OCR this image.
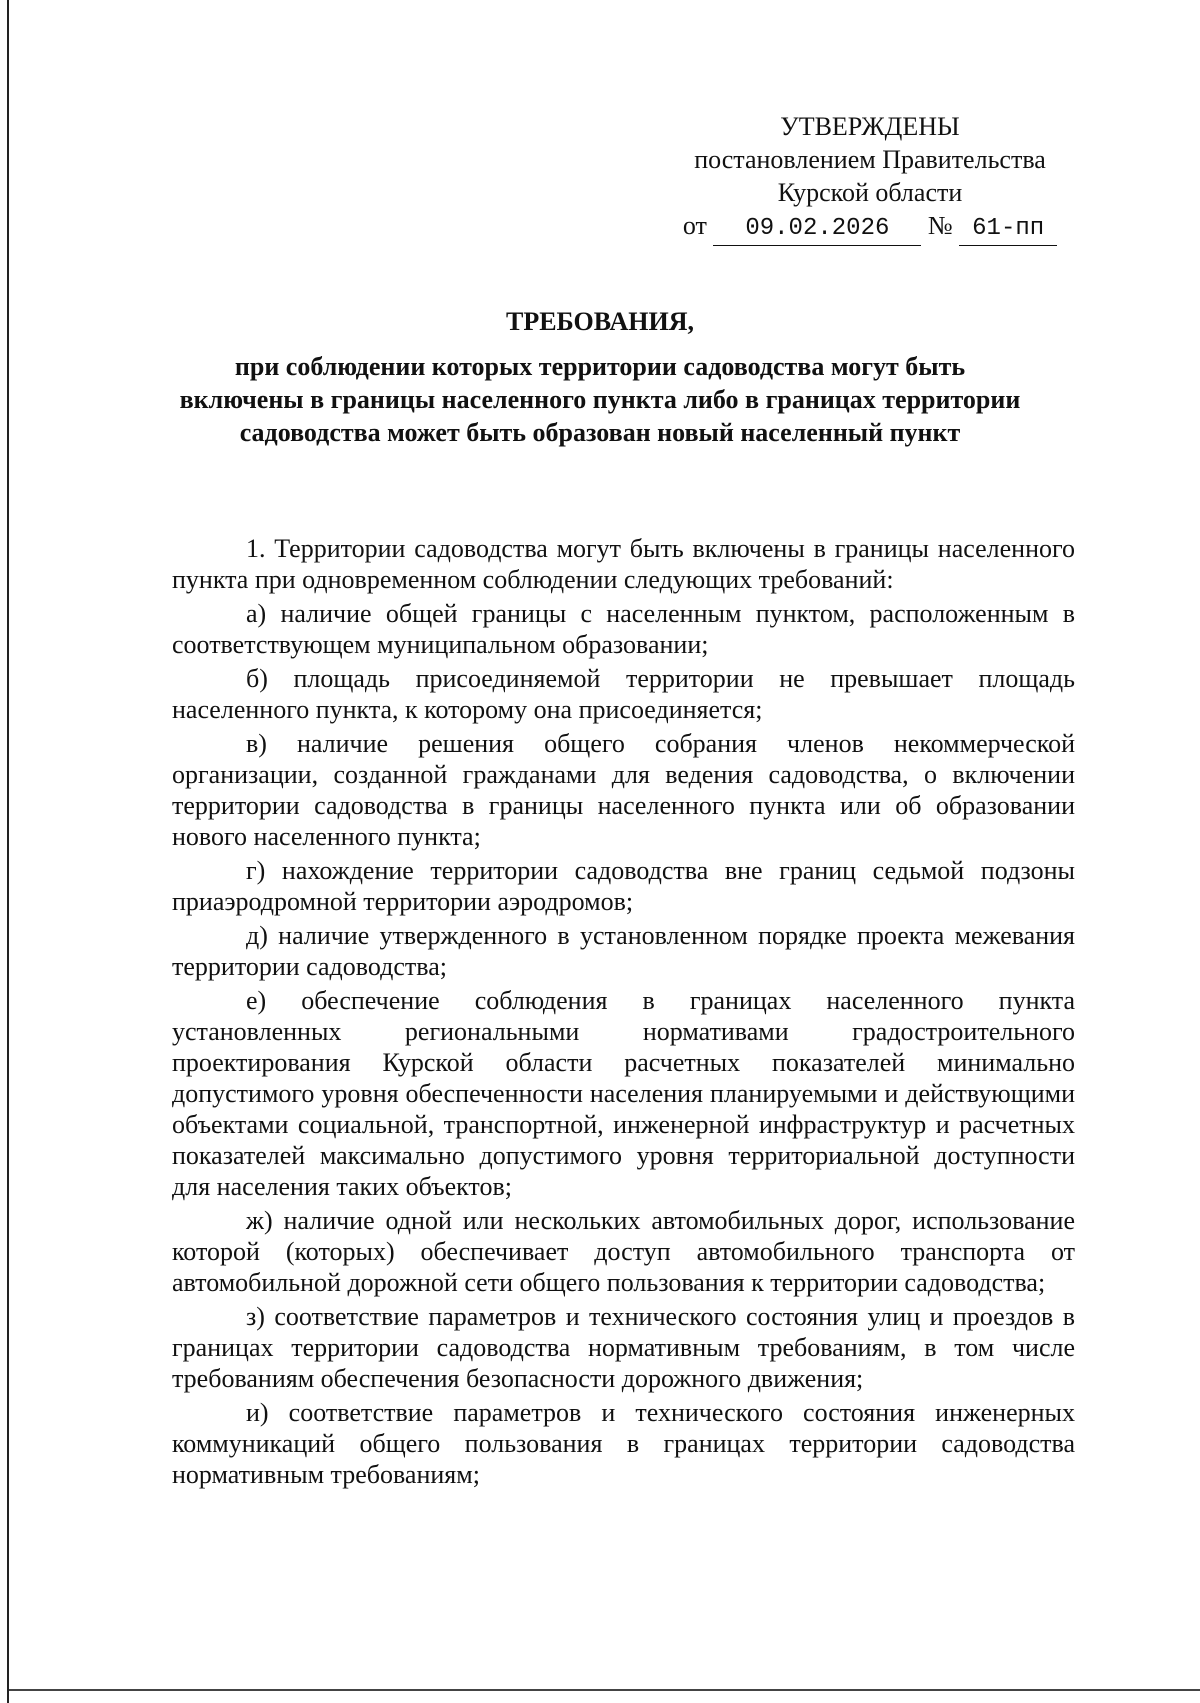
УТВЕРЖДЕНЫ
постановлением Правительства
Курской области
от 09.02.2026 № 61-пп
ТРЕБОВАНИЯ,
при соблюдении которых территории садоводства могут быть включены в границы населенного пункта либо в границах территории садоводства может быть образован новый населенный пункт

1. Территории садоводства могут быть включены в границы населенного пункта при одновременном соблюдении следующих требований:

а) наличие общей границы с населенным пунктом, расположенным в соответствующем муниципальном образовании;

б) площадь присоединяемой территории не превышает площадь населенного пункта, к которому она присоединяется;

в) наличие решения общего собрания членов некоммерческой организации, созданной гражданами для ведения садоводства, о включении территории садоводства в границы населенного пункта или об образовании нового населенного пункта;

г) нахождение территории садоводства вне границ седьмой подзоны приаэродромной территории аэродромов;

д) наличие утвержденного в установленном порядке проекта межевания территории садоводства;

е) обеспечение соблюдения в границах населенного пункта установленных региональными нормативами градостроительного проектирования Курской области расчетных показателей минимально допустимого уровня обеспеченности населения планируемыми и действующими объектами социальной, транспортной, инженерной инфраструктур и расчетных показателей максимально допустимого уровня территориальной доступности для населения таких объектов;

ж) наличие одной или нескольких автомобильных дорог, использование которой (которых) обеспечивает доступ автомобильного транспорта от автомобильной дорожной сети общего пользования к территории садоводства;

з) соответствие параметров и технического состояния улиц и проездов в границах территории садоводства нормативным требованиям, в том числе требованиям обеспечения безопасности дорожного движения;

и) соответствие параметров и технического состояния инженерных коммуникаций общего пользования в границах территории садоводства нормативным требованиям;
